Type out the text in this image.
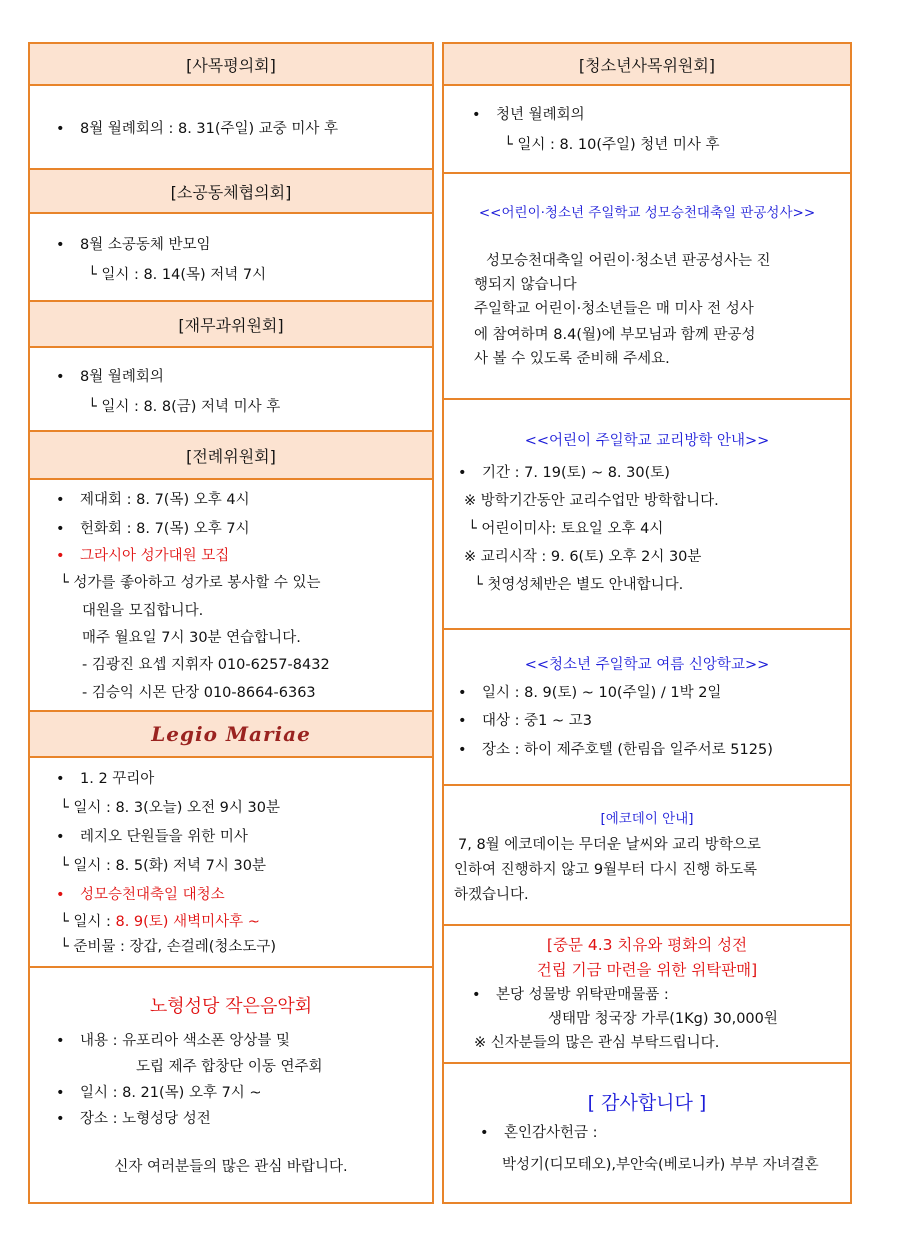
[사목평의회]
• 8월 월례회의 : 8. 31(주일) 교중 미사 후
[소공동체협의회]
• 8월 소공동체 반모임
└ 일시 : 8. 14(목) 저녁 7시
[재무과위원회]
• 8월 월례회의
└ 일시 : 8. 8(금) 저녁 미사 후
[전례위원회]
• 제대회 : 8. 7(목) 오후 4시
• 헌화회 : 8. 7(목) 오후 7시
• 그라시아 성가대원 모집
└ 성가를 좋아하고 성가로 봉사할 수 있는
대원을 모집합니다.
매주 월요일 7시 30분 연습합니다.
- 김광진 요셉 지휘자 010-6257-8432
- 김승익 시몬 단장 010-8664-6363
Legio Mariae
• 1. 2 꾸리아
└ 일시 : 8. 3(오늘) 오전 9시 30분
• 레지오 단원들을 위한 미사
└ 일시 : 8. 5(화) 저녁 7시 30분
• 성모승천대축일 대청소
└ 일시 : 8. 9(토) 새벽미사후 ~
└ 준비물 : 장갑, 손걸레(청소도구)
노형성당 작은음악회
• 내용 : 유포리아 색소폰 앙상블 및
도립 제주 합창단 이동 연주회
• 일시 : 8. 21(목) 오후 7시 ~
• 장소 : 노형성당 성전
신자 여러분들의 많은 관심 바랍니다.
[청소년사목위원회]
• 청년 월례회의
└ 일시 : 8. 10(주일) 청년 미사 후
<<어린이·청소년 주일학교 성모승천대축일 판공성사>>
성모승천대축일 어린이·청소년 판공성사는 진
행되지 않습니다
주일학교 어린이·청소년들은 매 미사 전 성사
에 참여하며 8.4(월)에 부모님과 함께 판공성
사 볼 수 있도록 준비해 주세요.
<<어린이 주일학교 교리방학 안내>>
• 기간 : 7. 19(토) ~ 8. 30(토)
※ 방학기간동안 교리수업만 방학합니다.
└ 어린이미사: 토요일 오후 4시
※ 교리시작 : 9. 6(토) 오후 2시 30분
└ 첫영성체반은 별도 안내합니다.
<<청소년 주일학교 여름 신앙학교>>
• 일시 : 8. 9(토) ~ 10(주일) / 1박 2일
• 대상 : 중1 ~ 고3
• 장소 : 하이 제주호텔 (한림읍 일주서로 5125)
[에코데이 안내]
7, 8월 에코데이는 무더운 날씨와 교리 방학으로
인하여 진행하지 않고 9월부터 다시 진행 하도록
하겠습니다.
[중문 4.3 치유와 평화의 성전
건립 기금 마련을 위한 위탁판매]
• 본당 성물방 위탁판매물품 :
생태맘 청국장 가루(1Kg) 30,000원
※ 신자분들의 많은 관심 부탁드립니다.
[ 감사합니다 ]
• 혼인감사헌금 :
박성기(디모테오),부안숙(베로니카) 부부 자녀결혼
